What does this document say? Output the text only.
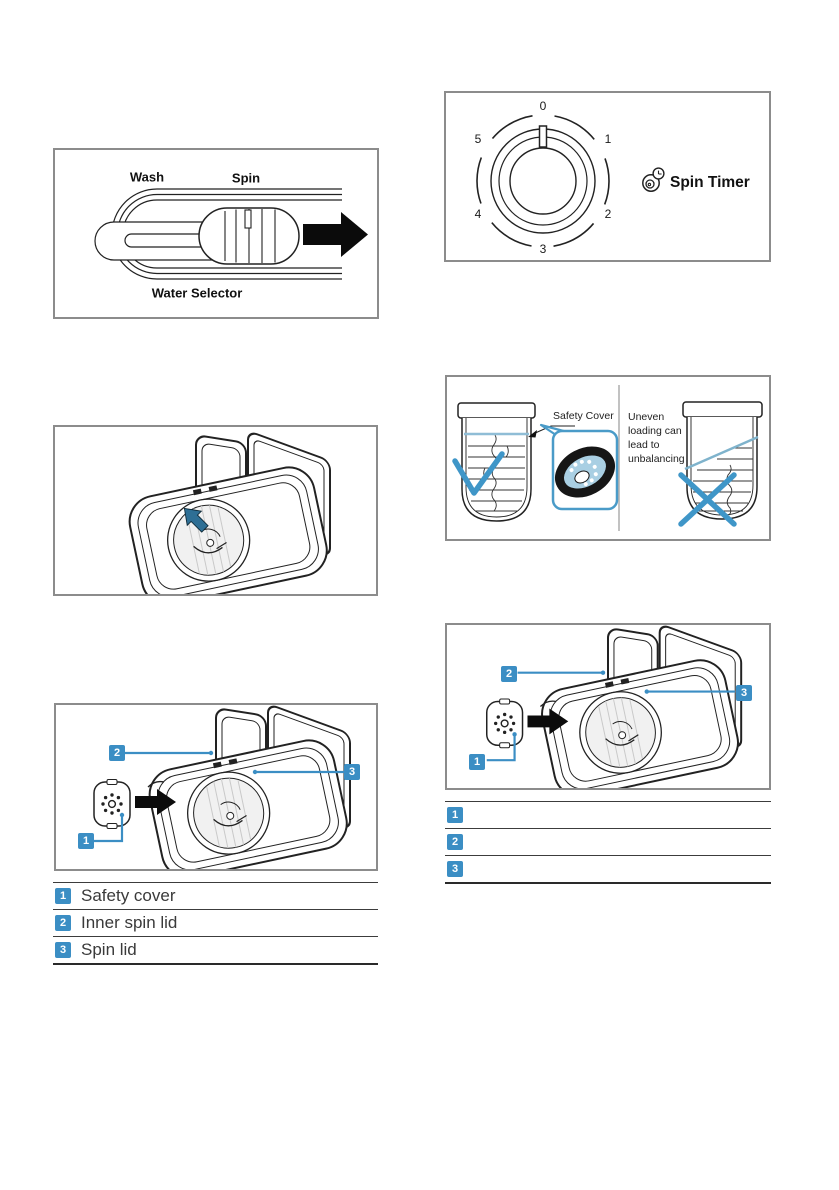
Wash	Spin
Water Selector
0
1
2
3
4
5
Spin Timer
Safety Cover Uneven loading can lead to unbalancing
1
2
3
1
2
3
1
2
3
1 Safety cover
2 Inner spin lid
3 Spin lid
